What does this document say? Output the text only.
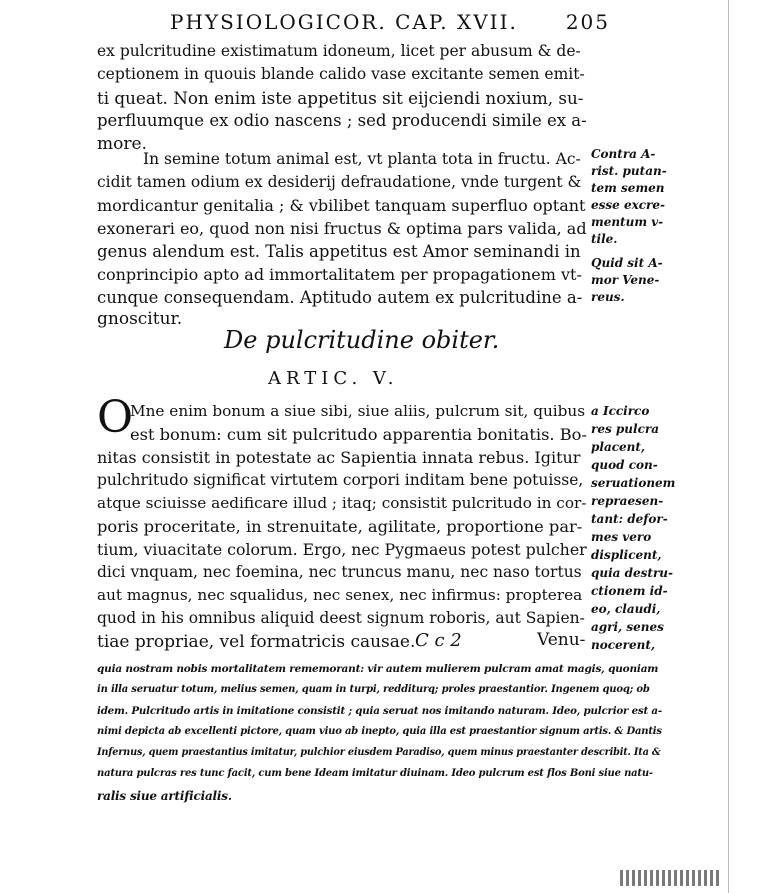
PHYSIOLOGICOR. CAP. XVII. 205
ex pulcritudine existimatum idoneum, licet per abusum & de-
ceptionem in quouis blande calido vase excitante semen emit-
ti queat. Non enim iste appetitus sit eijciendi noxium, su-
perfluumque ex odio nascens ; sed producendi simile ex a-
more.
In semine totum animal est, vt planta tota in fructu. Ac-
cidit tamen odium ex desiderij defraudatione, vnde turgent &
mordicantur genitalia ; & vbilibet tanquam superfluo optant
exonerari eo, quod non nisi fructus & optima pars valida, ad
genus alendum est. Talis appetitus est Amor seminandi in
conprincipio apto ad immortalitatem per propagationem vt-
cunque consequendam. Aptitudo autem ex pulcritudine a-
gnoscitur.
Contra A-
rist. putan-
tem semen
esse excre-
mentum v-
tile.
Quid sit A-
mor Vene-
reus.
De pulcritudine obiter.
ARTIC. V.
O
Mne enim bonum a siue sibi, siue aliis, pulcrum sit, quibus
est bonum: cum sit pulcritudo apparentia bonitatis. Bo-
nitas consistit in potestate ac Sapientia innata rebus. Igitur
pulchritudo significat virtutem corpori inditam bene potuisse,
atque sciuisse aedificare illud ; itaq; consistit pulcritudo in cor-
poris proceritate, in strenuitate, agilitate, proportione par-
tium, viuacitate colorum. Ergo, nec Pygmaeus potest pulcher
dici vnquam, nec foemina, nec truncus manu, nec naso tortus
aut magnus, nec squalidus, nec senex, nec infirmus: propterea
quod in his omnibus aliquid deest signum roboris, aut Sapien-
tiae propriae, vel formatricis causae.
a Iccirco
res pulcra
placent,
quod con-
seruationem
repraesen-
tant: defor-
mes vero
displicent,
quia destru-
ctionem id-
eo, claudi,
agri, senes
nocerent,
C c 2	Venu-
quia nostram nobis mortalitatem rememorant: vir autem mulierem pulcram amat magis, quoniam
in illa seruatur totum, melius semen, quam in turpi, redditurq; proles praestantior. Ingenem quoq; ob
idem. Pulcritudo artis in imitatione consistit ; quia seruat nos imitando naturam. Ideo, pulcrior est a-
nimi depicta ab excellenti pictore, quam viuo ab inepto, quia illa est praestantior signum artis. & Dantis
Infernus, quem praestantius imitatur, pulchior eiusdem Paradiso, quem minus praestanter describit. Ita &
natura pulcras res tunc facit, cum bene Ideam imitatur diuinam. Ideo pulcrum est flos Boni siue natu-
ralis siue artificialis.
